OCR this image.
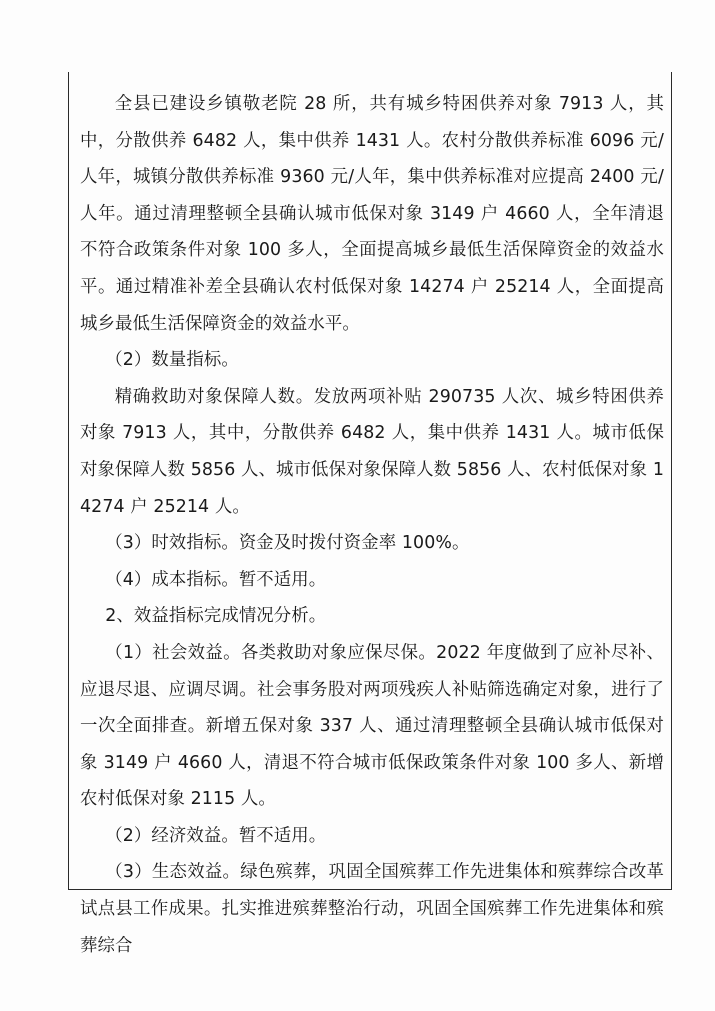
全县已建设乡镇敬老院 28 所，共有城乡特困供养对象 7913 人，其中，分散供养 6482 人，集中供养 1431 人。农村分散供养标准 6096 元/人年，城镇分散供养标准 9360 元/人年，集中供养标准对应提高 2400 元/人年。通过清理整顿全县确认城市低保对象 3149 户 4660 人，全年清退不符合政策条件对象 100 多人，全面提高城乡最低生活保障资金的效益水平。通过精准补差全县确认农村低保对象 14274 户 25214 人，全面提高城乡最低生活保障资金的效益水平。

（2）数量指标。

精确救助对象保障人数。发放两项补贴 290735 人次、城乡特困供养对象 7913 人，其中，分散供养 6482 人，集中供养 1431 人。城市低保对象保障人数 5856 人、城市低保对象保障人数 5856 人、农村低保对象 14274 户 25214 人。

（3）时效指标。资金及时拨付资金率 100%。

（4）成本指标。暂不适用。

2、效益指标完成情况分析。

（1）社会效益。各类救助对象应保尽保。2022 年度做到了应补尽补、应退尽退、应调尽调。社会事务股对两项残疾人补贴筛选确定对象，进行了一次全面排查。新增五保对象 337 人、通过清理整顿全县确认城市低保对象 3149 户 4660 人，清退不符合城市低保政策条件对象 100 多人、新增农村低保对象 2115 人。

（2）经济效益。暂不适用。

（3）生态效益。绿色殡葬，巩固全国殡葬工作先进集体和殡葬综合改革试点县工作成果。扎实推进殡葬整治行动，巩固全国殡葬工作先进集体和殡葬综合
